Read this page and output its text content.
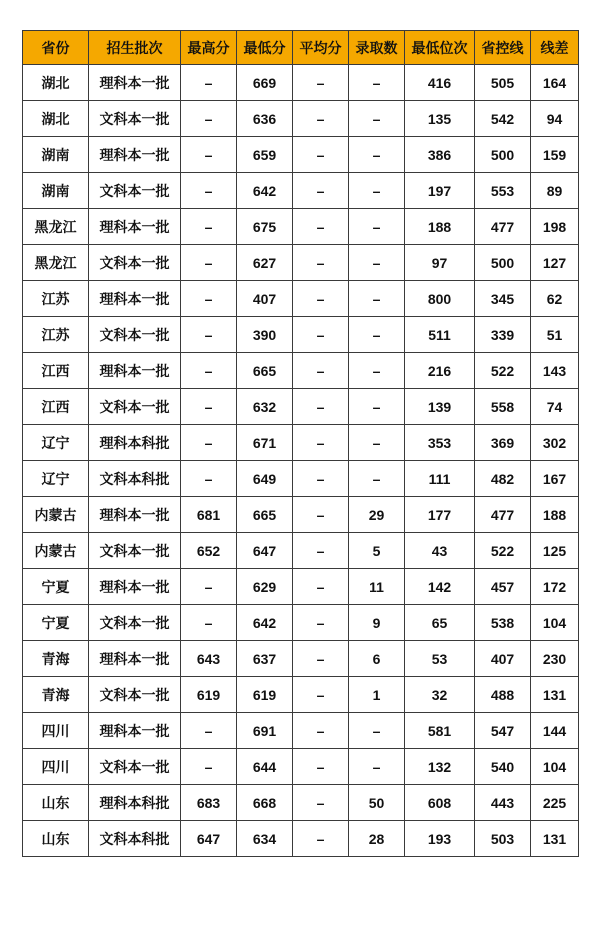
省份	招生批次	最高分	最低分	平均分	录取数	最低位次	省控线	线差
湖北	理科本一批	–	669	–	–	416	505	164
湖北	文科本一批	–	636	–	–	135	542	94
湖南	理科本一批	–	659	–	–	386	500	159
湖南	文科本一批	–	642	–	–	197	553	89
黑龙江	理科本一批	–	675	–	–	188	477	198
黑龙江	文科本一批	–	627	–	–	97	500	127
江苏	理科本一批	–	407	–	–	800	345	62
江苏	文科本一批	–	390	–	–	511	339	51
江西	理科本一批	–	665	–	–	216	522	143
江西	文科本一批	–	632	–	–	139	558	74
辽宁	理科本科批	–	671	–	–	353	369	302
辽宁	文科本科批	–	649	–	–	111	482	167
内蒙古	理科本一批	681	665	–	29	177	477	188
内蒙古	文科本一批	652	647	–	5	43	522	125
宁夏	理科本一批	–	629	–	11	142	457	172
宁夏	文科本一批	–	642	–	9	65	538	104
青海	理科本一批	643	637	–	6	53	407	230
青海	文科本一批	619	619	–	1	32	488	131
四川	理科本一批	–	691	–	–	581	547	144
四川	文科本一批	–	644	–	–	132	540	104
山东	理科本科批	683	668	–	50	608	443	225
山东	文科本科批	647	634	–	28	193	503	131
